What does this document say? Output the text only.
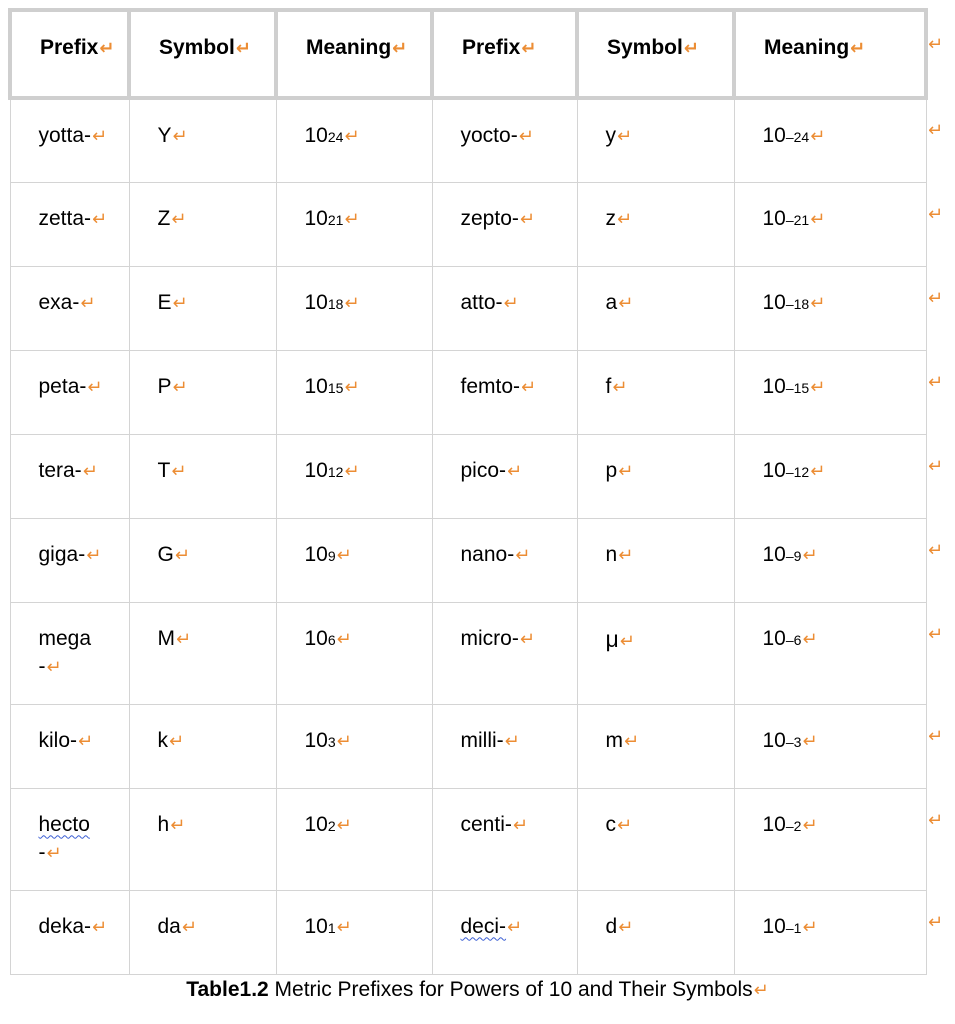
Prefix↵	Symbol↵	Meaning↵	Prefix↵	Symbol↵	Meaning↵
yotta-↵	Y↵	1024↵	yocto-↵	y↵	10–24↵
zetta-↵	Z↵	1021↵	zepto-↵	z↵	10–21↵
exa-↵	E↵	1018↵	atto-↵	a↵	10–18↵
peta-↵	P↵	1015↵	femto-↵	f↵	10–15↵
tera-↵	T↵	1012↵	pico-↵	p↵	10–12↵
giga-↵	G↵	109↵	nano-↵	n↵	10–9↵
mega
-↵	M↵	106↵	micro-↵	μ↵	10–6↵
kilo-↵	k↵	103↵	milli-↵	m↵	10–3↵
hecto
-↵	h↵	102↵	centi-↵	c↵	10–2↵
deka-↵	da↵	101↵	deci-↵	d↵	10–1↵
↵
↵
↵
↵
↵
↵
↵
↵
↵
↵
↵
Table1.2 Metric Prefixes for Powers of 10 and Their Symbols↵
